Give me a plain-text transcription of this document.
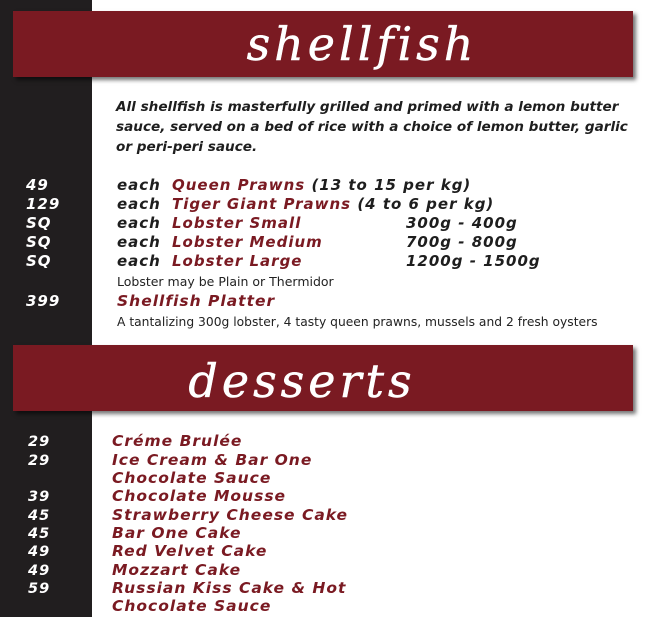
shellfish

All shellfish is masterfully grilled and primed with a lemon butter sauce, served on a bed of rice with a choice of lemon butter, garlic or peri-peri sauce.

49	each Queen Prawns (13 to 15 per kg)
129	each Tiger Giant Prawns (4 to 6 per kg)
SQ	each Lobster Small	300g - 400g
SQ	each Lobster Medium	700g - 800g
SQ	each Lobster Large	1200g - 1500g
Lobster may be Plain or Thermidor
399	Shellfish Platter
A tantalizing 300g lobster, 4 tasty queen prawns, mussels and 2 fresh oysters
desserts
29	Créme Brulée
29	Ice Cream & Bar One
Chocolate Sauce
39	Chocolate Mousse
45	Strawberry Cheese Cake
45	Bar One Cake
49	Red Velvet Cake
49	Mozzart Cake
59	Russian Kiss Cake & Hot
Chocolate Sauce
